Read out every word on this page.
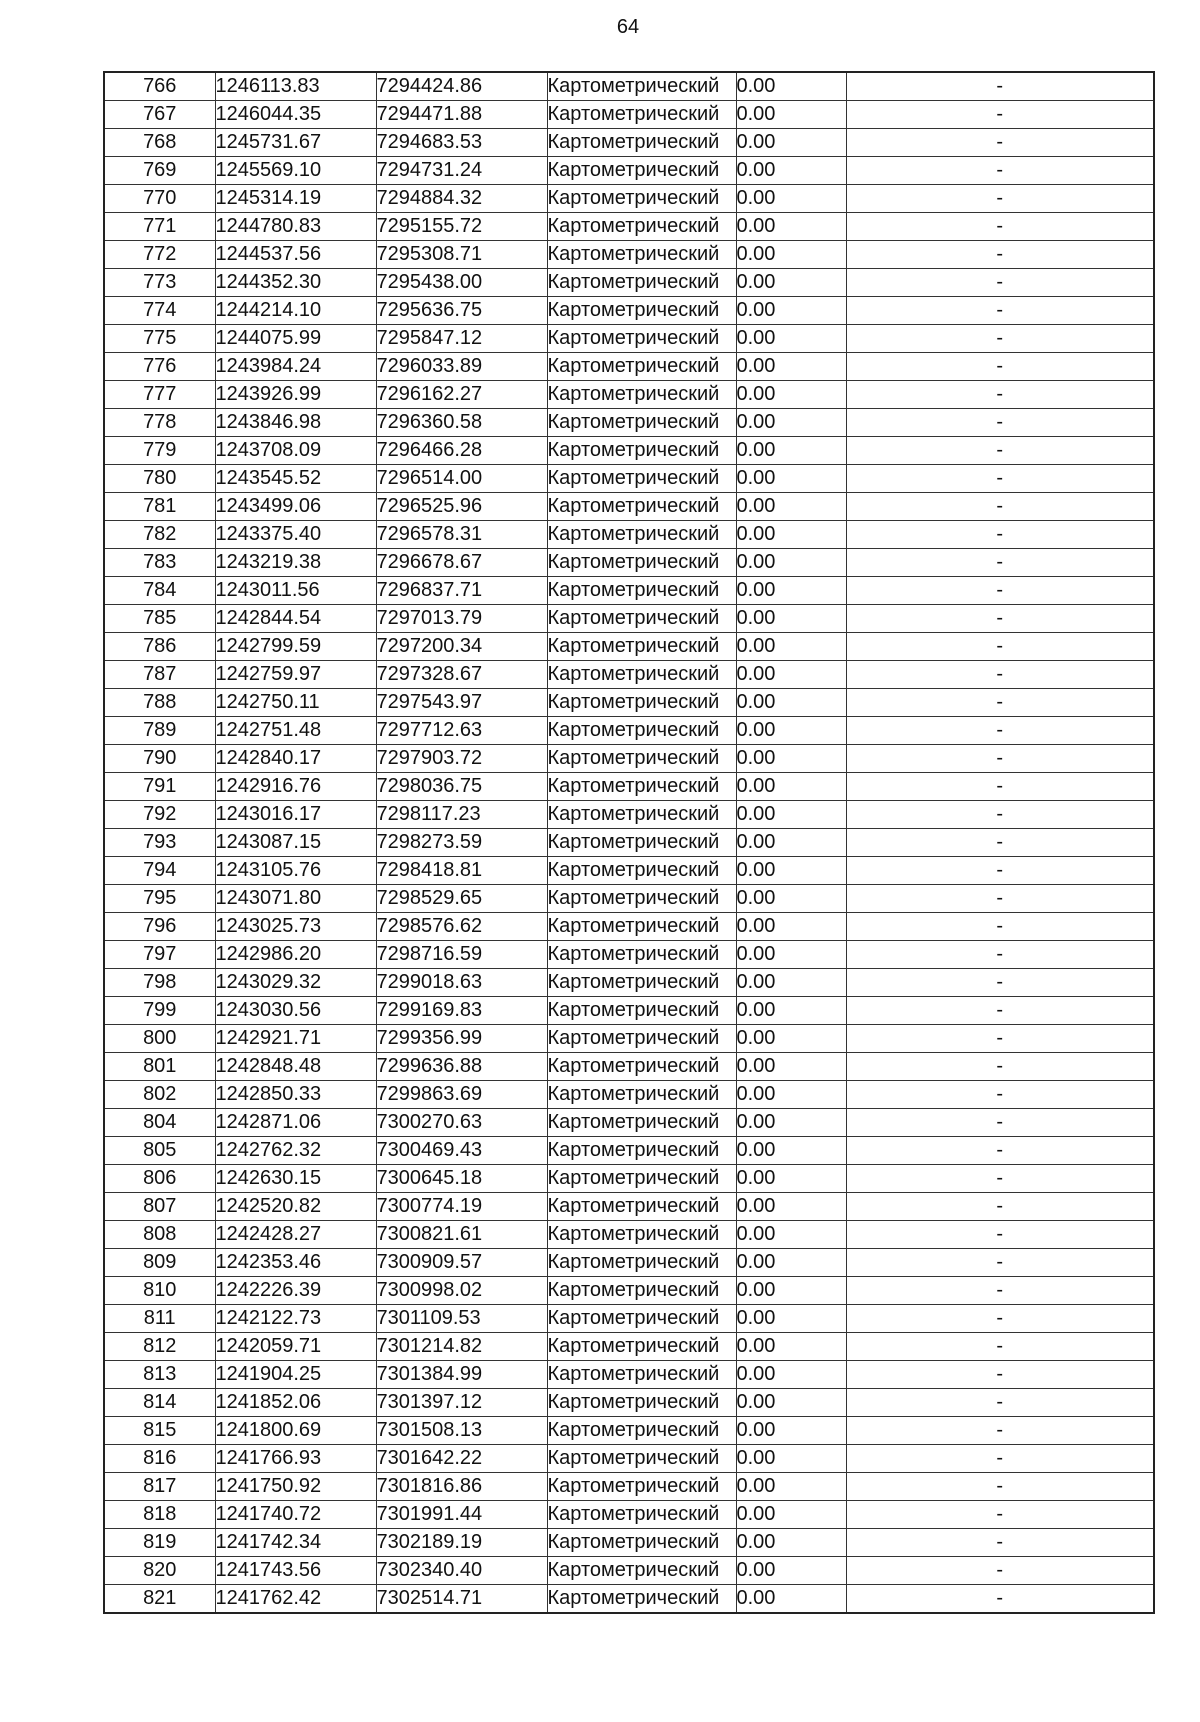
64
766	1246113.83	7294424.86	Картометрический	0.00	-
767	1246044.35	7294471.88	Картометрический	0.00	-
768	1245731.67	7294683.53	Картометрический	0.00	-
769	1245569.10	7294731.24	Картометрический	0.00	-
770	1245314.19	7294884.32	Картометрический	0.00	-
771	1244780.83	7295155.72	Картометрический	0.00	-
772	1244537.56	7295308.71	Картометрический	0.00	-
773	1244352.30	7295438.00	Картометрический	0.00	-
774	1244214.10	7295636.75	Картометрический	0.00	-
775	1244075.99	7295847.12	Картометрический	0.00	-
776	1243984.24	7296033.89	Картометрический	0.00	-
777	1243926.99	7296162.27	Картометрический	0.00	-
778	1243846.98	7296360.58	Картометрический	0.00	-
779	1243708.09	7296466.28	Картометрический	0.00	-
780	1243545.52	7296514.00	Картометрический	0.00	-
781	1243499.06	7296525.96	Картометрический	0.00	-
782	1243375.40	7296578.31	Картометрический	0.00	-
783	1243219.38	7296678.67	Картометрический	0.00	-
784	1243011.56	7296837.71	Картометрический	0.00	-
785	1242844.54	7297013.79	Картометрический	0.00	-
786	1242799.59	7297200.34	Картометрический	0.00	-
787	1242759.97	7297328.67	Картометрический	0.00	-
788	1242750.11	7297543.97	Картометрический	0.00	-
789	1242751.48	7297712.63	Картометрический	0.00	-
790	1242840.17	7297903.72	Картометрический	0.00	-
791	1242916.76	7298036.75	Картометрический	0.00	-
792	1243016.17	7298117.23	Картометрический	0.00	-
793	1243087.15	7298273.59	Картометрический	0.00	-
794	1243105.76	7298418.81	Картометрический	0.00	-
795	1243071.80	7298529.65	Картометрический	0.00	-
796	1243025.73	7298576.62	Картометрический	0.00	-
797	1242986.20	7298716.59	Картометрический	0.00	-
798	1243029.32	7299018.63	Картометрический	0.00	-
799	1243030.56	7299169.83	Картометрический	0.00	-
800	1242921.71	7299356.99	Картометрический	0.00	-
801	1242848.48	7299636.88	Картометрический	0.00	-
802	1242850.33	7299863.69	Картометрический	0.00	-
804	1242871.06	7300270.63	Картометрический	0.00	-
805	1242762.32	7300469.43	Картометрический	0.00	-
806	1242630.15	7300645.18	Картометрический	0.00	-
807	1242520.82	7300774.19	Картометрический	0.00	-
808	1242428.27	7300821.61	Картометрический	0.00	-
809	1242353.46	7300909.57	Картометрический	0.00	-
810	1242226.39	7300998.02	Картометрический	0.00	-
811	1242122.73	7301109.53	Картометрический	0.00	-
812	1242059.71	7301214.82	Картометрический	0.00	-
813	1241904.25	7301384.99	Картометрический	0.00	-
814	1241852.06	7301397.12	Картометрический	0.00	-
815	1241800.69	7301508.13	Картометрический	0.00	-
816	1241766.93	7301642.22	Картометрический	0.00	-
817	1241750.92	7301816.86	Картометрический	0.00	-
818	1241740.72	7301991.44	Картометрический	0.00	-
819	1241742.34	7302189.19	Картометрический	0.00	-
820	1241743.56	7302340.40	Картометрический	0.00	-
821	1241762.42	7302514.71	Картометрический	0.00	-
